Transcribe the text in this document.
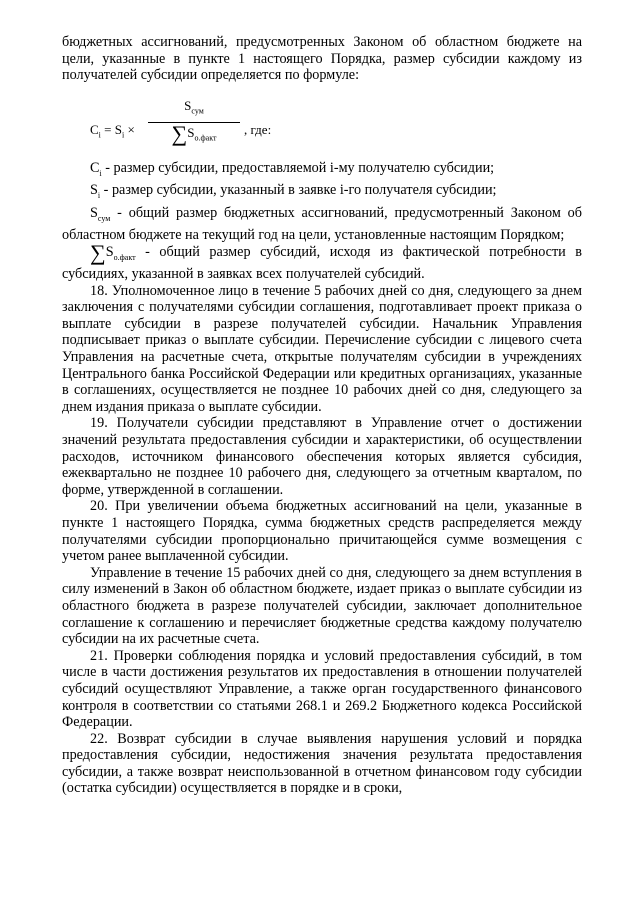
бюджетных ассигнований, предусмотренных Законом об областном бюджете на цели, указанные в пункте 1 настоящего Порядка, размер субсидии каждому из получателей субсидии определяется по формуле:

$C_i = S_i$ ×
$S_{сум}$
$\sum S_{о.факт}$
, где:

$C_i$ - размер субсидии, предоставляемой i-му получателю субсидии;

$S_i$ - размер субсидии, указанный в заявке i-го получателя субсидии;

$S_{сум}$ - общий размер бюджетных ассигнований, предусмотренный Законом об областном бюджете на текущий год на цели, установленные настоящим Порядком;

$\sum S_{о.факт}$ - общий размер субсидий, исходя из фактической потребности в субсидиях, указанной в заявках всех получателей субсидий.

18. Уполномоченное лицо в течение 5 рабочих дней со дня, следующего за днем заключения с получателями субсидии соглашения, подготавливает проект приказа о выплате субсидии в разрезе получателей субсидии. Начальник Управления подписывает приказ о выплате субсидии. Перечисление субсидии с лицевого счета Управления на расчетные счета, открытые получателям субсидии в учреждениях Центрального банка Российской Федерации или кредитных организациях, указанные в соглашениях, осуществляется не позднее 10 рабочих дней со дня, следующего за днем издания приказа о выплате субсидии.

19. Получатели субсидии представляют в Управление отчет о достижении значений результата предоставления субсидии и характеристики, об осуществлении расходов, источником финансового обеспечения которых является субсидия, ежеквартально не позднее 10 рабочего дня, следующего за отчетным кварталом, по форме, утвержденной в соглашении.

20. При увеличении объема бюджетных ассигнований на цели, указанные в пункте 1 настоящего Порядка, сумма бюджетных средств распределяется между получателями субсидии пропорционально причитающейся сумме возмещения с учетом ранее выплаченной субсидии.

Управление в течение 15 рабочих дней со дня, следующего за днем вступления в силу изменений в Закон об областном бюджете, издает приказ о выплате субсидии из областного бюджета в разрезе получателей субсидии, заключает дополнительное соглашение к соглашению и перечисляет бюджетные средства каждому получателю субсидии на их расчетные счета.

21. Проверки соблюдения порядка и условий предоставления субсидий, в том числе в части достижения результатов их предоставления в отношении получателей субсидий осуществляют Управление, а также орган государственного финансового контроля в соответствии со статьями 268.1 и 269.2 Бюджетного кодекса Российской Федерации.

22. Возврат субсидии в случае выявления нарушения условий и порядка предоставления субсидии, недостижения значения результата предоставления субсидии, а также возврат неиспользованной в отчетном финансовом году субсидии (остатка субсидии) осуществляется в порядке и в сроки,
